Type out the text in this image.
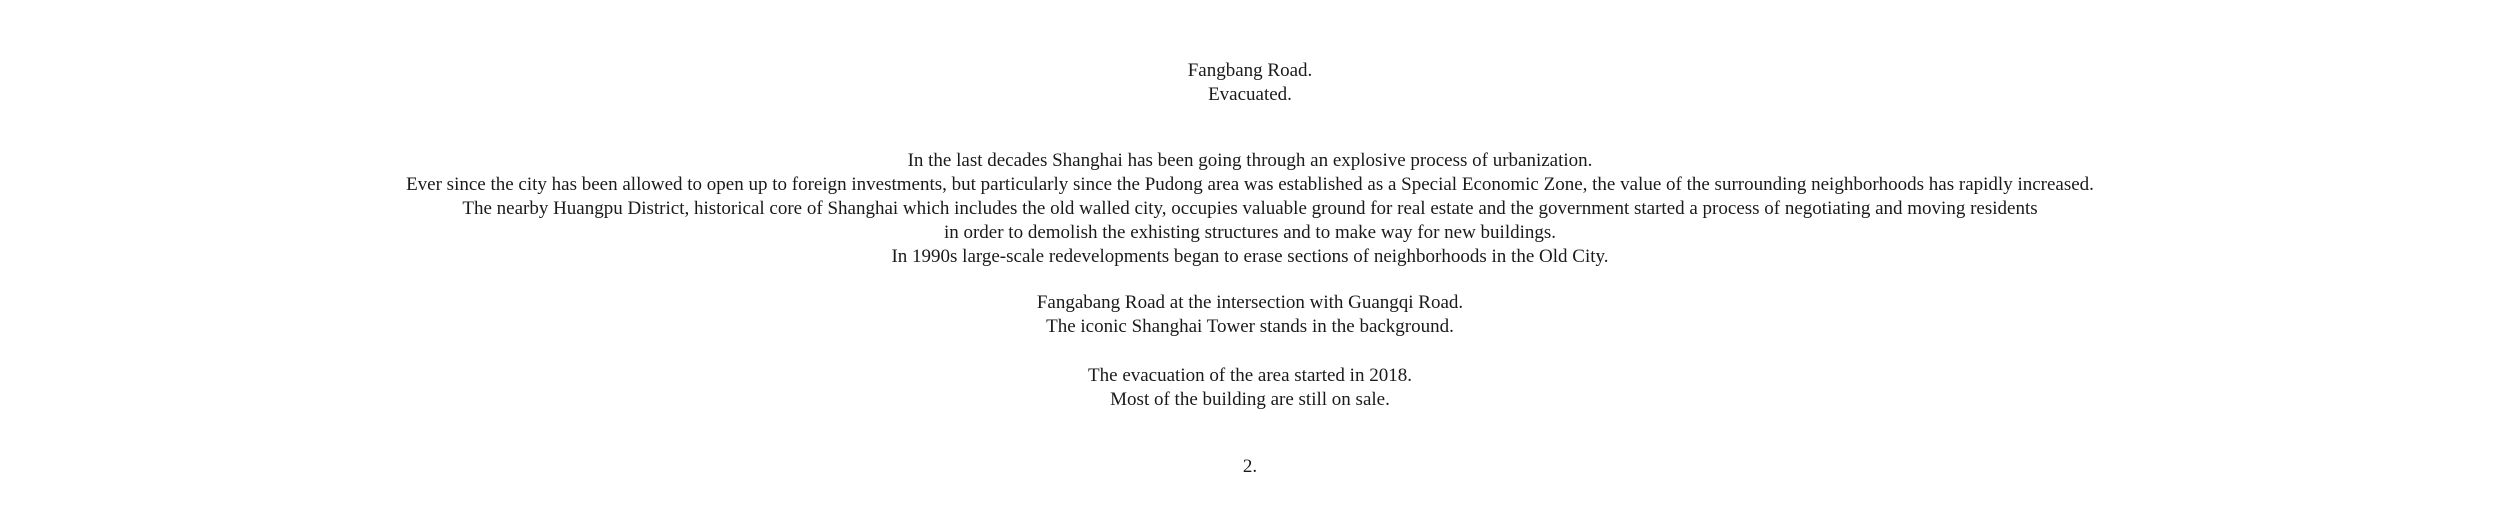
Fangbang Road.
Evacuated.
In the last decades Shanghai has been going through an explosive process of urbanization.
Ever since the city has been allowed to open up to foreign investments, but particularly since the Pudong area was established as a Special Economic Zone, the value of the surrounding neighborhoods has rapidly increased.
The nearby Huangpu District, historical core of Shanghai which includes the old walled city, occupies valuable ground for real estate and the government started a process of negotiating and moving residents
in order to demolish the exhisting structures and to make way for new buildings.
In 1990s large-scale redevelopments began to erase sections of neighborhoods in the Old City.
Fangabang Road at the intersection with Guangqi Road.
The iconic Shanghai Tower stands in the background.
The evacuation of the area started in 2018.
Most of the building are still on sale.
2.
